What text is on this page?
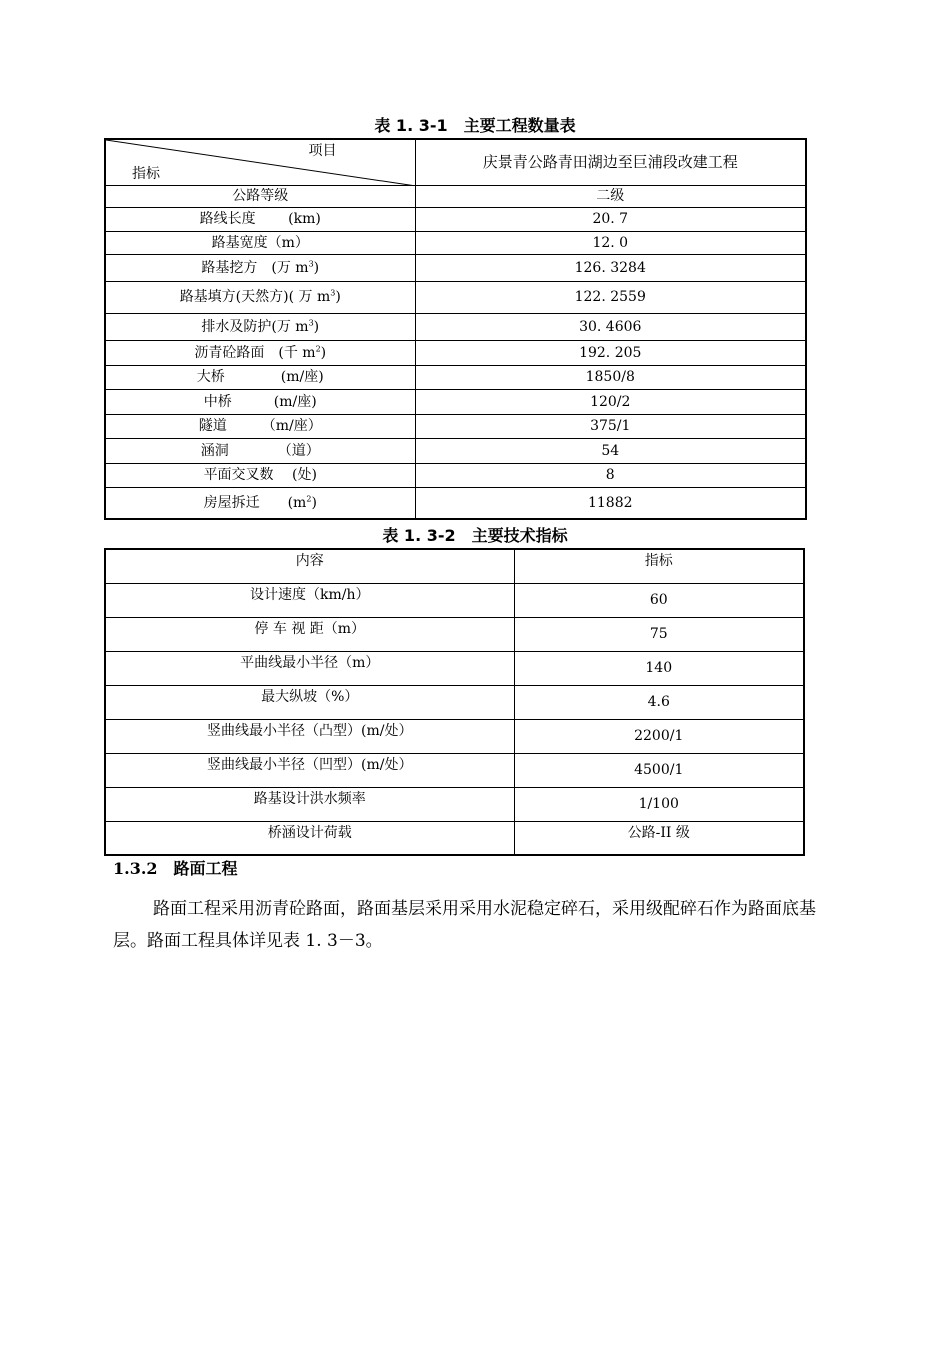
表 1. 3-1　主要工程数量表
项目
指标	庆景青公路青田湖边至巨浦段改建工程
公路等级	二级
路线长度　　 (km)	20. 7
路基宽度（m）	12. 0
路基挖方　(万 $m^3$)	126. 3284
路基填方(天然方)( 万 $m^3$)	122. 2559
排水及防护(万 $m^3$)	30. 4606
沥青砼路面　(千 $m^2$)	192. 205
大桥　　　　(m/座)	1850/8
中桥　　　(m/座)	120/2
隧道　　　（m/座）	375/1
涵洞　　　　（道）	54
平面交叉数　 (处)	8
房屋拆迁　　$(m^2)$	11882
表 1. 3-2　主要技术指标
内容	指标
设计速度（km/h）	60
停 车 视 距（m）	75
平曲线最小半径（m）	140
最大纵坡（%）	4.6
竖曲线最小半径（凸型）(m/处）	2200/1
竖曲线最小半径（凹型）(m/处）	4500/1
路基设计洪水频率	1/100
桥涵设计荷载	公路-II 级
1.3.2　路面工程
路面工程采用沥青砼路面，路面基层采用采用水泥稳定碎石，采用级配碎石作为路面底基层。路面工程具体详见表 1. 3－3。
